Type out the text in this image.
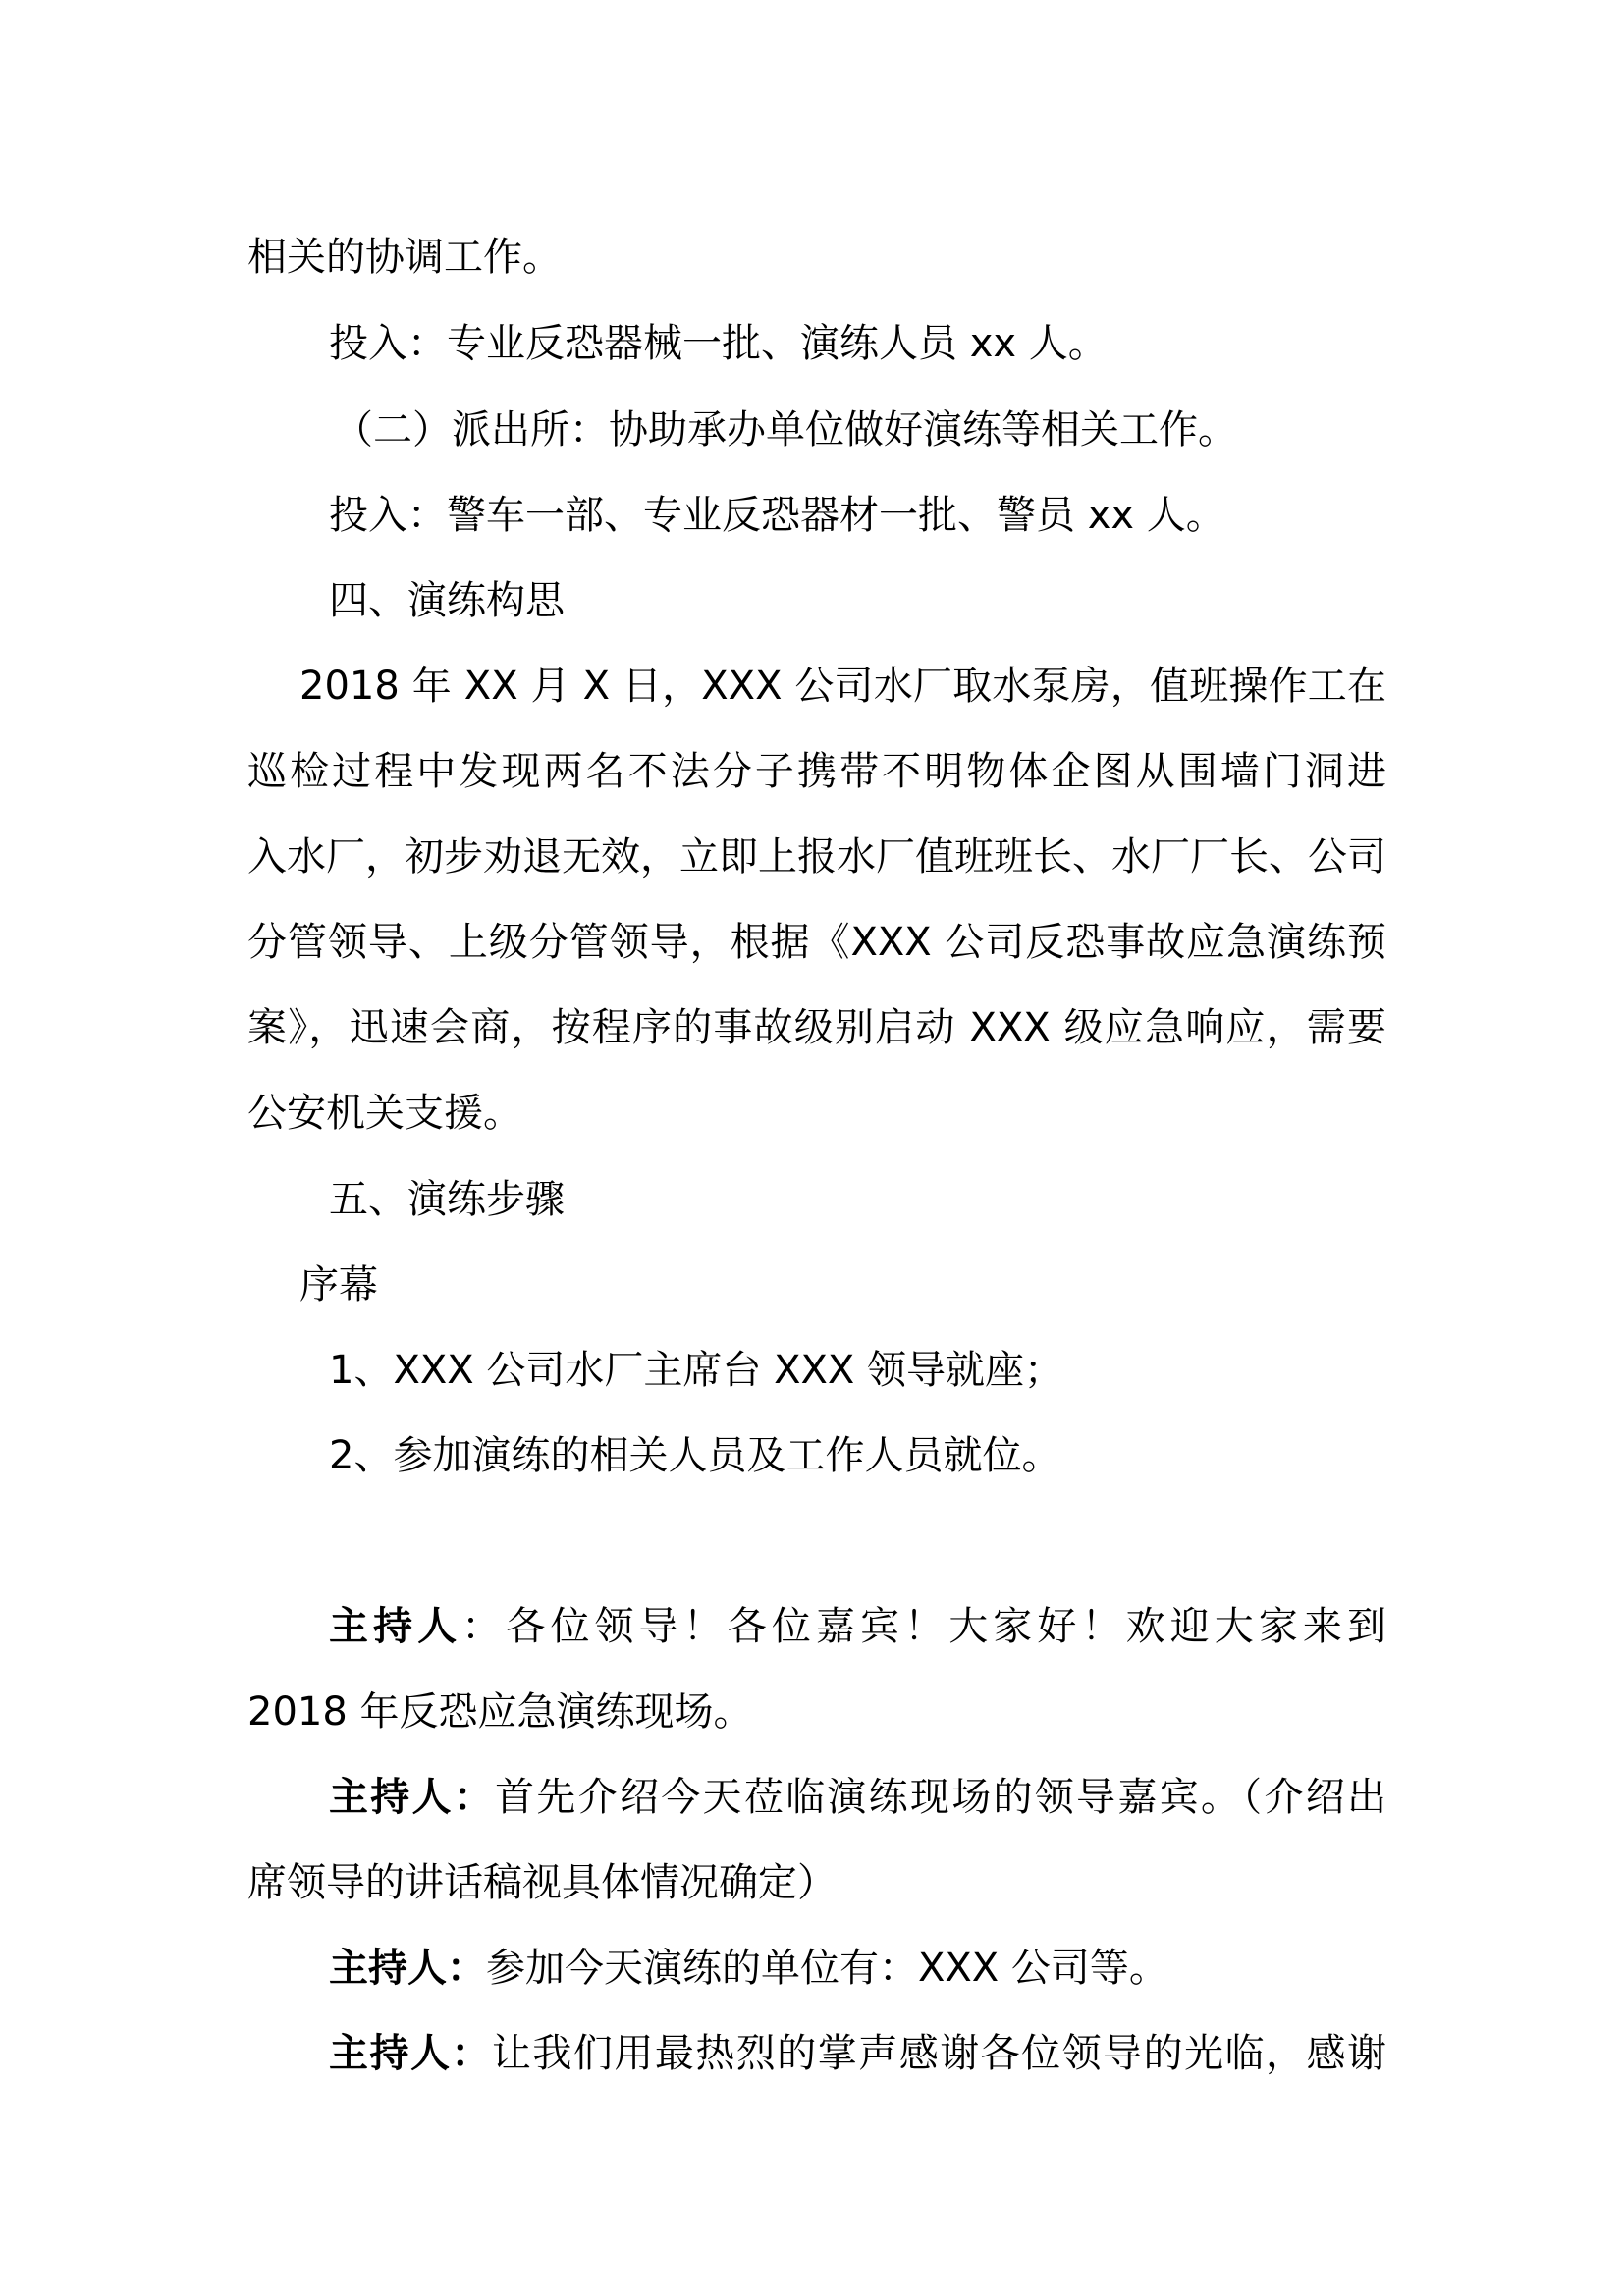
相关的协调工作。
投入：专业反恐器械一批、演练人员 xx 人。
（二）派出所：协助承办单位做好演练等相关工作。
投入：警车一部、专业反恐器材一批、警员 xx 人。
四、演练构思
2018 年 XX 月 X 日，XXX 公司水厂取水泵房，值班操作工在
巡检过程中发现两名不法分子携带不明物体企图从围墙门洞进
入水厂，初步劝退无效，立即上报水厂值班班长、水厂厂长、公司
分管领导、上级分管领导，根据《XXX 公司反恐事故应急演练预
案》，迅速会商，按程序的事故级别启动 XXX 级应急响应，需要
公安机关支援。
五、演练步骤
序幕
1、XXX 公司水厂主席台 XXX 领导就座；
2、参加演练的相关人员及工作人员就位。
主持人：各位领导！各位嘉宾！大家好！欢迎大家来到
2018 年反恐应急演练现场。
主持人：首先介绍今天莅临演练现场的领导嘉宾。（介绍出
席领导的讲话稿视具体情况确定）
主持人：参加今天演练的单位有：XXX 公司等。
主持人：让我们用最热烈的掌声感谢各位领导的光临，感谢
